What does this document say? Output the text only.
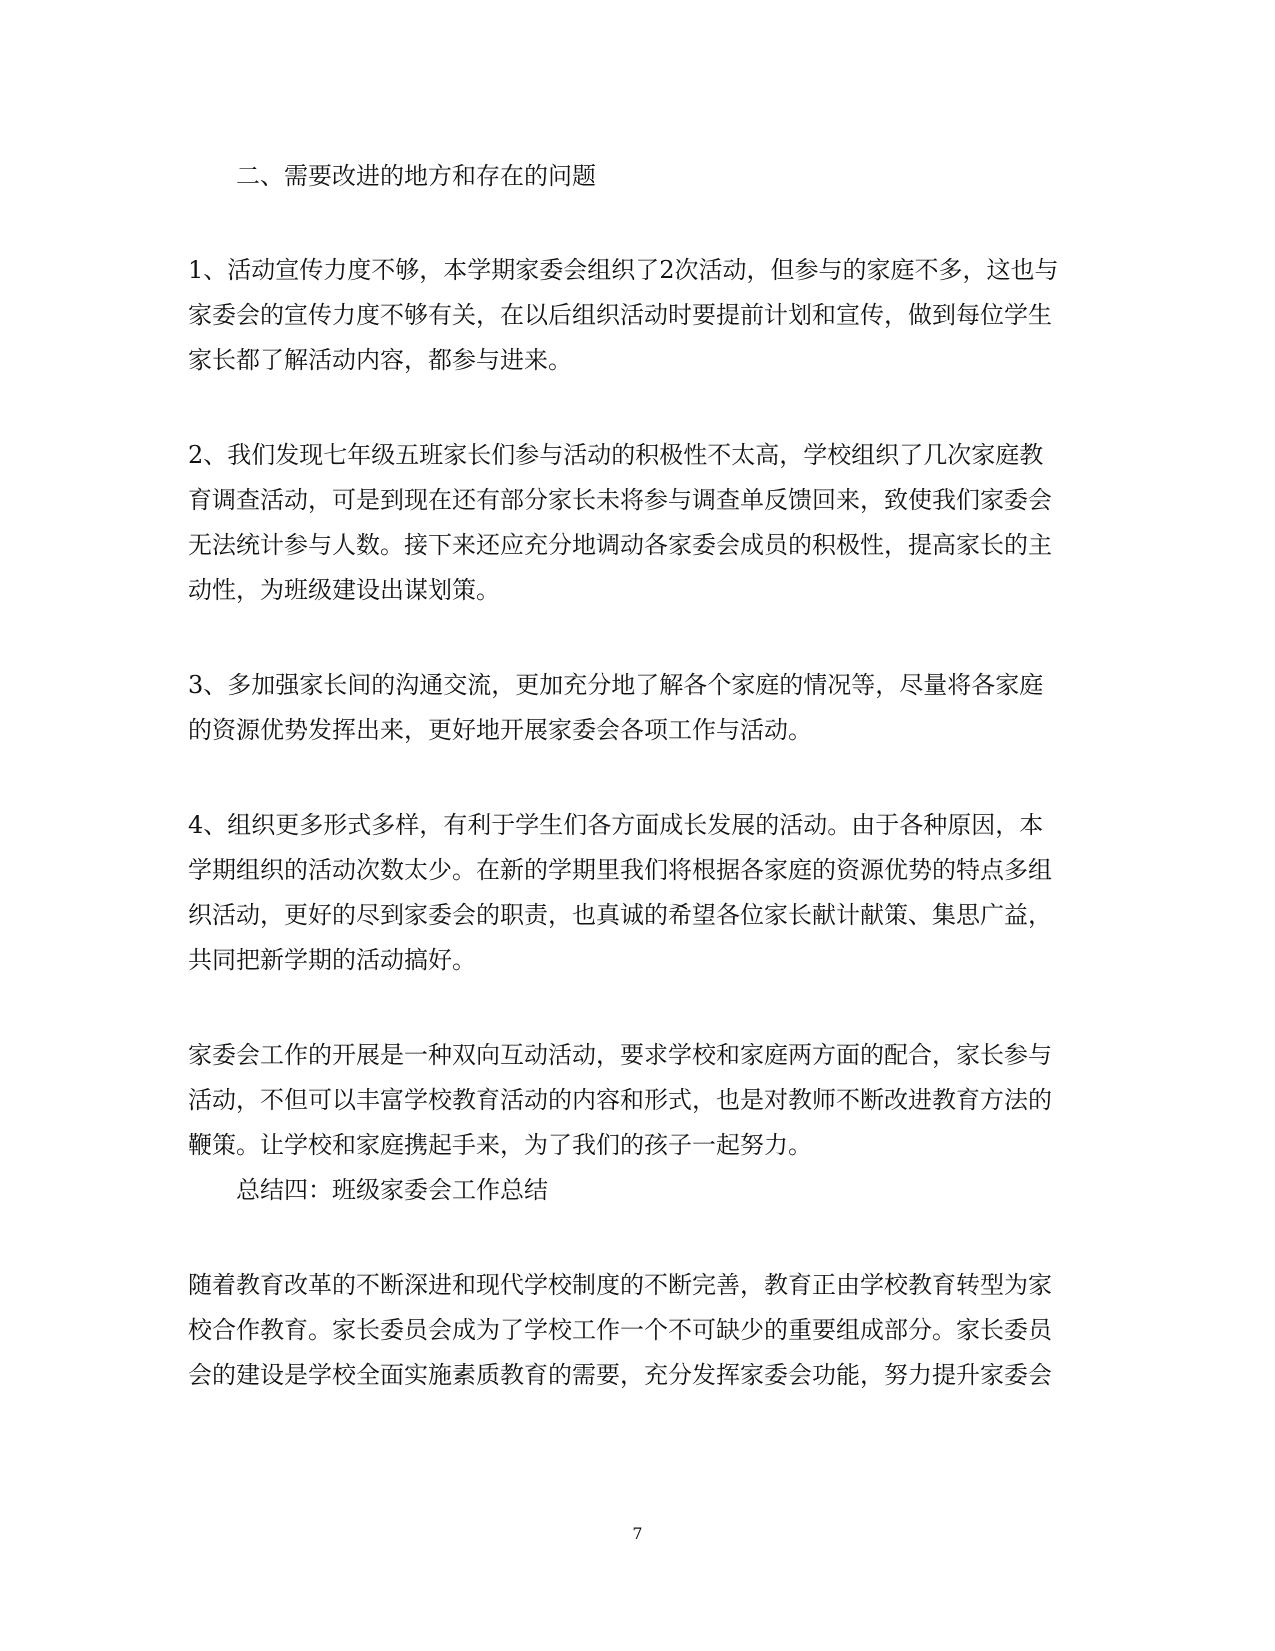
二、需要改进的地方和存在的问题
1、活动宣传力度不够，本学期家委会组织了2次活动，但参与的家庭不多，这也与
家委会的宣传力度不够有关，在以后组织活动时要提前计划和宣传，做到每位学生
家长都了解活动内容，都参与进来。
2、我们发现七年级五班家长们参与活动的积极性不太高，学校组织了几次家庭教
育调查活动，可是到现在还有部分家长未将参与调查单反馈回来，致使我们家委会
无法统计参与人数。接下来还应充分地调动各家委会成员的积极性，提高家长的主
动性，为班级建设出谋划策。
3、多加强家长间的沟通交流，更加充分地了解各个家庭的情况等，尽量将各家庭
的资源优势发挥出来，更好地开展家委会各项工作与活动。
4、组织更多形式多样，有利于学生们各方面成长发展的活动。由于各种原因，本
学期组织的活动次数太少。在新的学期里我们将根据各家庭的资源优势的特点多组
织活动，更好的尽到家委会的职责，也真诚的希望各位家长献计献策、集思广益，
共同把新学期的活动搞好。
家委会工作的开展是一种双向互动活动，要求学校和家庭两方面的配合，家长参与
活动，不但可以丰富学校教育活动的内容和形式，也是对教师不断改进教育方法的
鞭策。让学校和家庭携起手来，为了我们的孩子一起努力。
总结四：班级家委会工作总结
随着教育改革的不断深进和现代学校制度的不断完善，教育正由学校教育转型为家
校合作教育。家长委员会成为了学校工作一个不可缺少的重要组成部分。家长委员
会的建设是学校全面实施素质教育的需要，充分发挥家委会功能，努力提升家委会
7
